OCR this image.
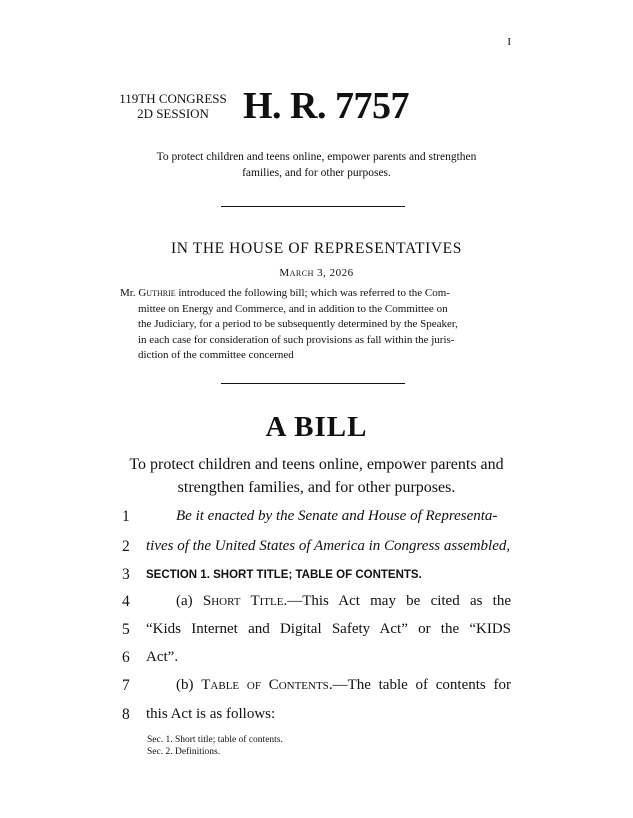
I
119TH CONGRESS
2D SESSION H. R. 7757
To protect children and teens online, empower parents and strengthen
families, and for other purposes.
IN THE HOUSE OF REPRESENTATIVES
March 3, 2026
Mr. Guthrie introduced the following bill; which was referred to the Com-
mittee on Energy and Commerce, and in addition to the Committee on
the Judiciary, for a period to be subsequently determined by the Speaker,
in each case for consideration of such provisions as fall within the juris-
diction of the committee concerned
A BILL
To protect children and teens online, empower parents and
strengthen families, and for other purposes.
1	Be it enacted by the Senate and House of Representa-
2	tives of the United States of America in Congress assembled,
3	SECTION 1. SHORT TITLE; TABLE OF CONTENTS.
4	(a) Short Title.—This Act may be cited as the
5	“Kids Internet and Digital Safety Act” or the “KIDS
6	Act”.
7	(b) Table of Contents.—The table of contents for
8	this Act is as follows:
Sec. 1. Short title; table of contents.
Sec. 2. Definitions.
